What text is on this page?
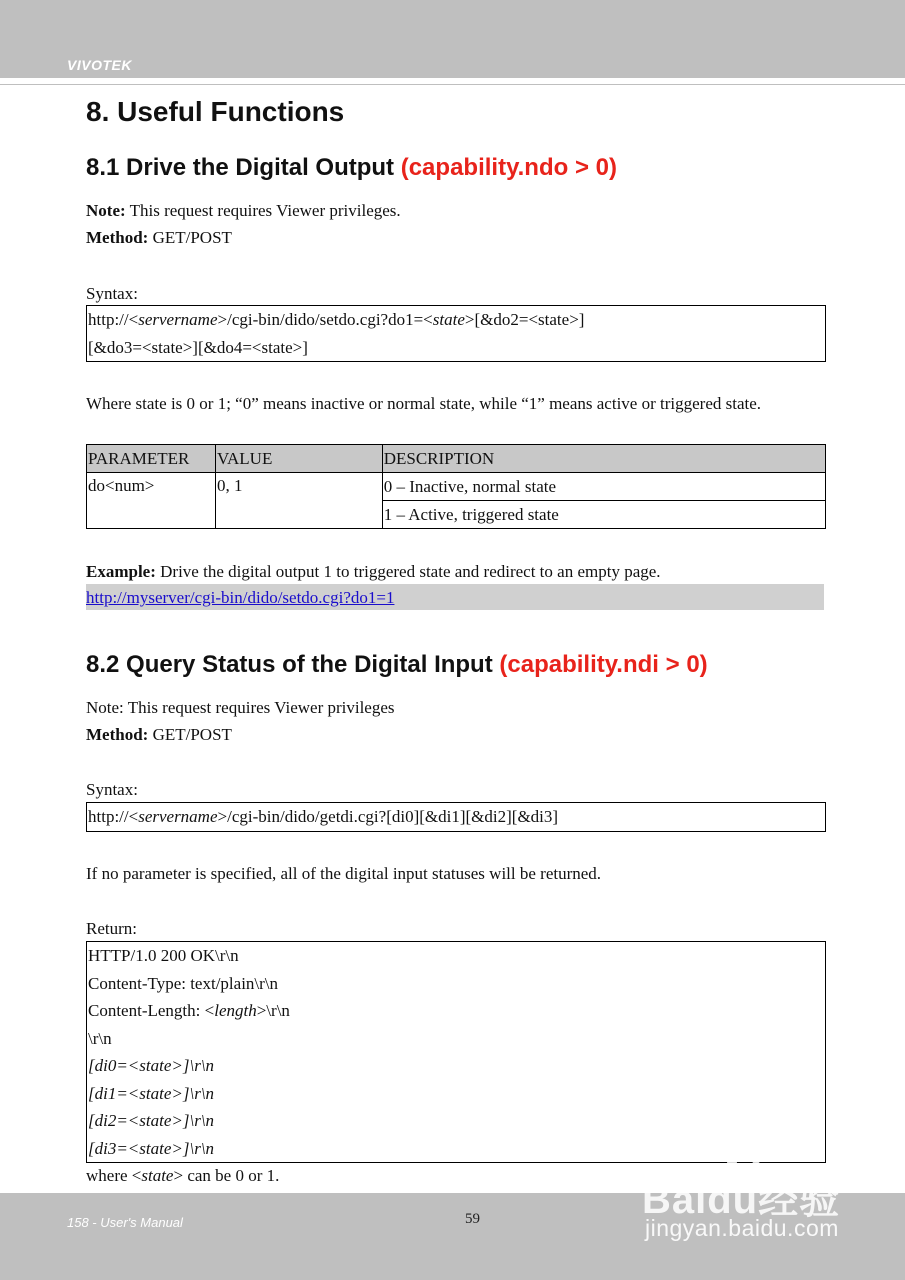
VIVOTEK
8. Useful Functions
8.1 Drive the Digital Output (capability.ndo > 0)
Note: This request requires Viewer privileges.
Method: GET/POST
Syntax:
http://<servername>/cgi-bin/dido/setdo.cgi?do1=<state>[&do2=<state>]
[&do3=<state>][&do4=<state>]
Where state is 0 or 1; “0” means inactive or normal state, while “1” means active or triggered state.
PARAMETER	VALUE	DESCRIPTION
do<num>	0, 1	0 – Inactive, normal state
		1 – Active, triggered state
Example: Drive the digital output 1 to triggered state and redirect to an empty page.
http://myserver/cgi-bin/dido/setdo.cgi?do1=1
8.2 Query Status of the Digital Input (capability.ndi > 0)
Note: This request requires Viewer privileges
Method: GET/POST
Syntax:
http://<servername>/cgi-bin/dido/getdi.cgi?[di0][&di1][&di2][&di3]
If no parameter is specified, all of the digital input statuses will be returned.
Return:
HTTP/1.0 200 OK\r\n
Content-Type: text/plain\r\n
Content-Length: <length>\r\n
\r\n
[di0=<state>]\r\n
[di1=<state>]\r\n
[di2=<state>]\r\n
[di3=<state>]\r\n
where <state> can be 0 or 1.
158 - User's Manual	59	Baidu经验
jingyan.baidu.com
